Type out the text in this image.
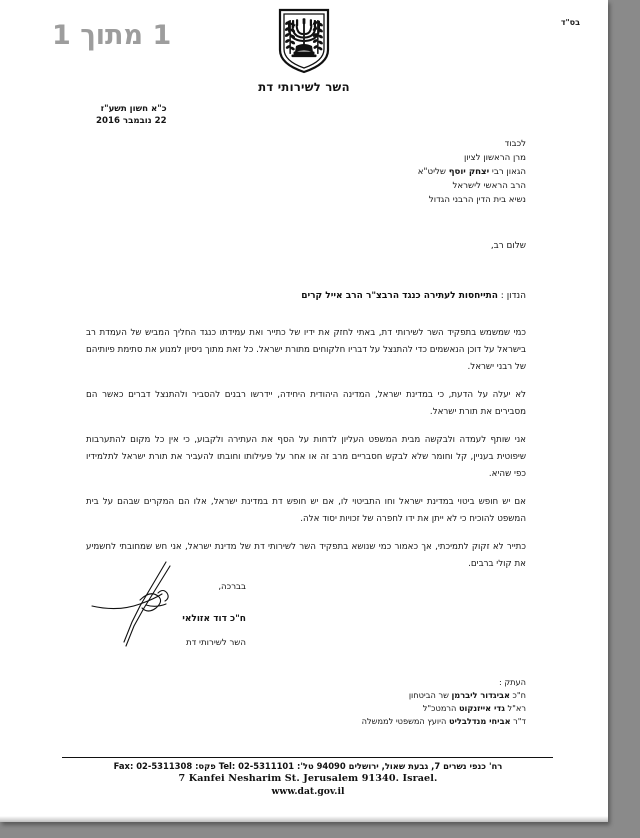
בס"ד
השר לשירותי דת
כ"א חשון תשע"ז
22 נובמבר 2016
לכבוד
מרן הראשון לציון
הגאון רבי יצחק יוסף שליט"א
הרב הראשי לישראל
נשיא בית הדין הרבני הגדול
שלום רב,
הנדון : התייחסות לעתירה כנגד הרבצ"ר הרב אייל קרים

כמי שמשמש בתפקיד השר לשירותי דת, באתי לחזק את ידיו של כתייר ואת עמידתו כנגד החליך המביש של העמדת רב בישראל על דוכן הנאשמים כדי להתנצל על דבריו חלקוחים מתורת ישראל. כל זאת מתוך ניסיון למנוע את סתימת פיותיהם של רבני ישראל.

לא יעלה על הדעת, כי במדינת ישראל, המדינה היהודית היחידה, יידרשו רבנים להסביר ולהתנצל דברים כאשר הם מסבירים את תורת ישראל.

אני שותף לעמדה ולבקשה מבית המשפט העליון לדחות על הסף את העתירה ולקבוע, כי אין כל מקום להתערבות שיפוטית בעניין, קל וחומר שלא לבקש חסבריים מרב זה או אחר על פעילותו וחובתו להעביר את תורת ישראל לתלמידיו כפי שהיא.

אם יש חופש ביטוי במדינת ישראל וחו התביטוי לו, אם יש חופש דת במדינת ישראל, אלו הם המקרים שבהם על בית המשפט להוכיח כי לא ייתן את ידו לחפרה של זכויות יסוד אלה.

כתייר לא זקוק לתמיכתי, אך כאמור כמי שנושא בתפקיד השר לשירותי דת של מדינת ישראל, אני חש שמחובתי לחשמיע את קולי ברבים.

בברכה,
ח"כ דוד אזולאי
השר לשירותי דת
העתק :
ח"כ אביגדור ליברמן שר הביטחון
רא"ל גדי אייזנקוט הרמטכ"ל
ד"ר אביחי מנדלבליט היועץ המשפטי לממשלה
רח' כנפי נשרים 7, גבעת שאול, ירושלים 94090 טל': Tel: 02-5311101 פקס: Fax: 02-5311308
7 Kanfei Nesharim St. Jerusalem 91340. Israel.
www.dat.gov.il
1 מתוך 1
